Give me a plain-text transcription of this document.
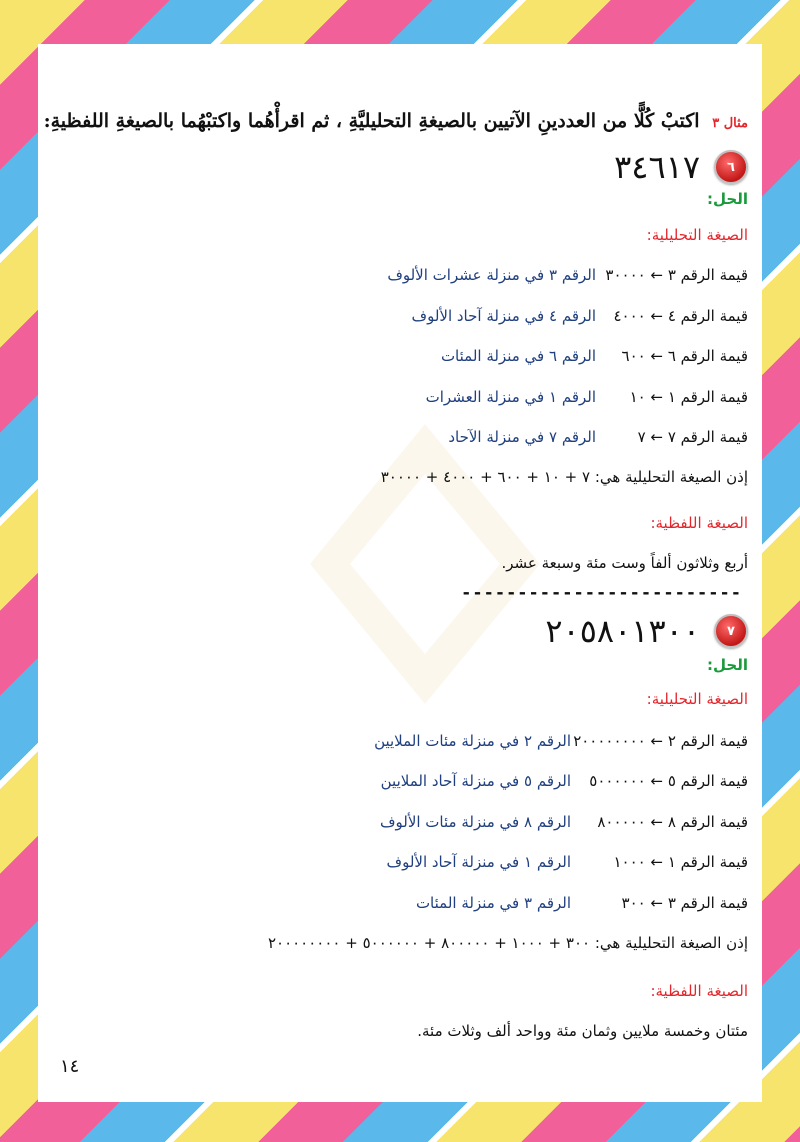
مثال ٣ اكتبْ كُلًّا من العددينِ الآتيين بالصيغةِ التحليليَّةِ ، ثم اقرأْهُما واكتبْهُما بالصيغةِ اللفظيةِ:
٦
٣٤٦١٧
الحل:
الصيغة التحليلية:
قيمة الرقم ٣ ← ٣٠٠٠٠الرقم ٣ في منزلة عشرات الألوف
قيمة الرقم ٤ ← ٤٠٠٠الرقم ٤ في منزلة آحاد الألوف
قيمة الرقم ٦ ← ٦٠٠الرقم ٦ في منزلة المئات
قيمة الرقم ١ ← ١٠الرقم ١ في منزلة العشرات
قيمة الرقم ٧ ← ٧الرقم ٧ في منزلة الآحاد
إذن الصيغة التحليلية هي: ٧ + ١٠ + ٦٠٠ + ٤٠٠٠ + ٣٠٠٠٠
الصيغة اللفظية:
أربع وثلاثون ألفاً وست مئة وسبعة عشر.
-------------------------
٧
٢٠٥٨٠١٣٠٠
الحل:
الصيغة التحليلية:
قيمة الرقم ٢ ← ٢٠٠٠٠٠٠٠٠الرقم ٢ في منزلة مئات الملايين
قيمة الرقم ٥ ← ٥٠٠٠٠٠٠الرقم ٥ في منزلة آحاد الملايين
قيمة الرقم ٨ ← ٨٠٠٠٠٠الرقم ٨ في منزلة مئات الألوف
قيمة الرقم ١ ← ١٠٠٠الرقم ١ في منزلة آحاد الألوف
قيمة الرقم ٣ ← ٣٠٠الرقم ٣ في منزلة المئات
إذن الصيغة التحليلية هي: ٣٠٠ + ١٠٠٠ + ٨٠٠٠٠٠ + ٥٠٠٠٠٠٠ + ٢٠٠٠٠٠٠٠٠
الصيغة اللفظية:
مئتان وخمسة ملايين وثمان مئة وواحد ألف وثلاث مئة.
١٤
